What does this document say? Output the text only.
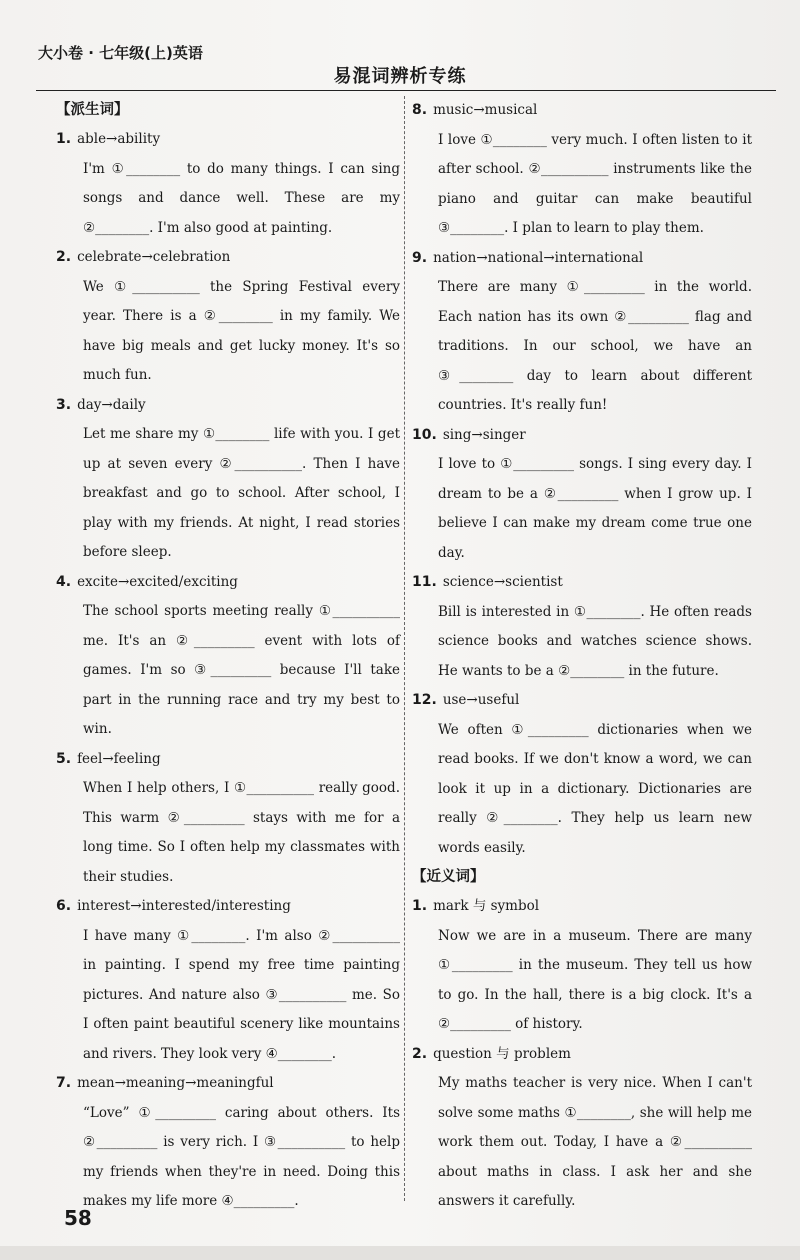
大小卷 · 七年级(上)英语
易混词辨析专练
【派生词】
1. able→ability
I'm ①________ to do many things. I can sing songs and dance well. These are my ②________. I'm also good at painting.
2. celebrate→celebration
We ①__________ the Spring Festival every year. There is a ②________ in my family. We have big meals and get lucky money. It's so much fun.
3. day→daily
Let me share my ①________ life with you. I get up at seven every ②__________. Then I have breakfast and go to school. After school, I play with my friends. At night, I read stories before sleep.
4. excite→excited/exciting
The school sports meeting really ①__________ me. It's an ②_________ event with lots of games. I'm so ③_________ because I'll take part in the running race and try my best to win.
5. feel→feeling
When I help others, I ①__________ really good. This warm ②_________ stays with me for a long time. So I often help my classmates with their studies.
6. interest→interested/interesting
I have many ①________. I'm also ②__________ in painting. I spend my free time painting pictures. And nature also ③__________ me. So I often paint beautiful scenery like mountains and rivers. They look very ④________.
7. mean→meaning→meaningful
“Love” ①_________ caring about others. Its ②_________ is very rich. I ③__________ to help my friends when they're in need. Doing this makes my life more ④_________.
8. music→musical
I love ①________ very much. I often listen to it after school. ②__________ instruments like the piano and guitar can make beautiful ③________. I plan to learn to play them.
9. nation→national→international
There are many ①_________ in the world. Each nation has its own ②_________ flag and traditions. In our school, we have an ③________ day to learn about different countries. It's really fun!
10. sing→singer
I love to ①_________ songs. I sing every day. I dream to be a ②_________ when I grow up. I believe I can make my dream come true one day.
11. science→scientist
Bill is interested in ①________. He often reads science books and watches science shows. He wants to be a ②________ in the future.
12. use→useful
We often ①_________ dictionaries when we read books. If we don't know a word, we can look it up in a dictionary. Dictionaries are really ②________. They help us learn new words easily.
【近义词】
1. mark 与 symbol
Now we are in a museum. There are many ①_________ in the museum. They tell us how to go. In the hall, there is a big clock. It's a ②_________ of history.
2. question 与 problem
My maths teacher is very nice. When I can't solve some maths ①________, she will help me work them out. Today, I have a ②__________ about maths in class. I ask her and she answers it carefully.
58
